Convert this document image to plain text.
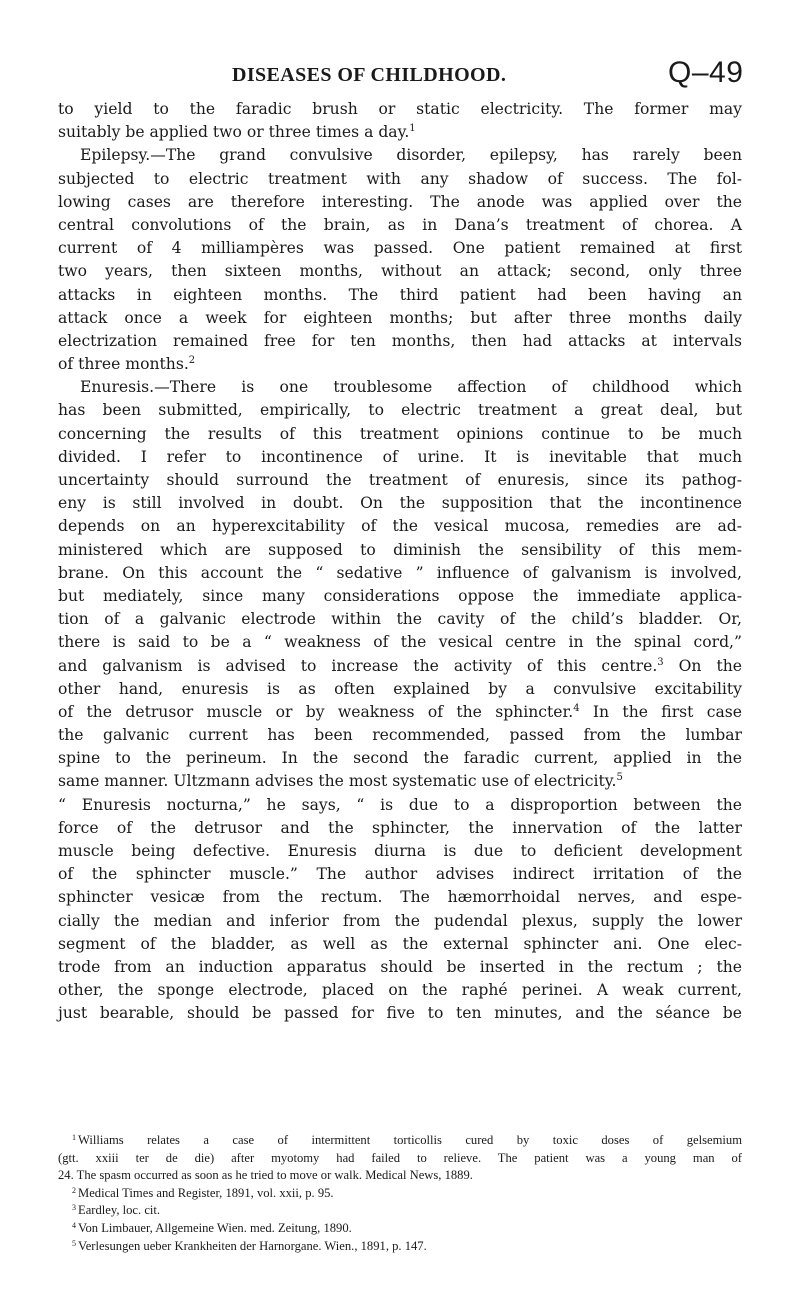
DISEASES OF CHILDHOOD.	Q–49
to yield to the faradic brush or static electricity. The former may
suitably be applied two or three times a day.$^1$
Epilepsy.—The grand convulsive disorder, epilepsy, has rarely been
subjected to electric treatment with any shadow of success. The fol-
lowing cases are therefore interesting. The anode was applied over the
central convolutions of the brain, as in Dana’s treatment of chorea. A
current of 4 milliampères was passed. One patient remained at first
two years, then sixteen months, without an attack; second, only three
attacks in eighteen months. The third patient had been having an
attack once a week for eighteen months; but after three months daily
electrization remained free for ten months, then had attacks at intervals
of three months.$^2$
Enuresis.—There is one troublesome affection of childhood which
has been submitted, empirically, to electric treatment a great deal, but
concerning the results of this treatment opinions continue to be much
divided. I refer to incontinence of urine. It is inevitable that much
uncertainty should surround the treatment of enuresis, since its pathog-
eny is still involved in doubt. On the supposition that the incontinence
depends on an hyperexcitability of the vesical mucosa, remedies are ad-
ministered which are supposed to diminish the sensibility of this mem-
brane. On this account the “ sedative ” influence of galvanism is involved,
but mediately, since many considerations oppose the immediate applica-
tion of a galvanic electrode within the cavity of the child’s bladder. Or,
there is said to be a “ weakness of the vesical centre in the spinal cord,”
and galvanism is advised to increase the activity of this centre.$^3$ On the
other hand, enuresis is as often explained by a convulsive excitability
of the detrusor muscle or by weakness of the sphincter.$^4$ In the first case
the galvanic current has been recommended, passed from the lumbar
spine to the perineum. In the second the faradic current, applied in the
same manner. Ultzmann advises the most systematic use of electricity.$^5$
“ Enuresis nocturna,” he says, “ is due to a disproportion between the
force of the detrusor and the sphincter, the innervation of the latter
muscle being defective. Enuresis diurna is due to deficient development
of the sphincter muscle.” The author advises indirect irritation of the
sphincter vesicæ from the rectum. The hæmorrhoidal nerves, and espe-
cially the median and inferior from the pudendal plexus, supply the lower
segment of the bladder, as well as the external sphincter ani. One elec-
trode from an induction apparatus should be inserted in the rectum ; the
other, the sponge electrode, placed on the raphé perinei. A weak current,
just bearable, should be passed for five to ten minutes, and the séance be
$^1$ Williams relates a case of intermittent torticollis cured by toxic doses of gelsemium
(gtt. xxiii ter de die) after myotomy had failed to relieve. The patient was a young man of
24. The spasm occurred as soon as he tried to move or walk. Medical News, 1889.
$^2$ Medical Times and Register, 1891, vol. xxii, p. 95.
$^3$ Eardley, loc. cit.
$^4$ Von Limbauer, Allgemeine Wien. med. Zeitung, 1890.
$^5$ Verlesungen ueber Krankheiten der Harnorgane. Wien., 1891, p. 147.
